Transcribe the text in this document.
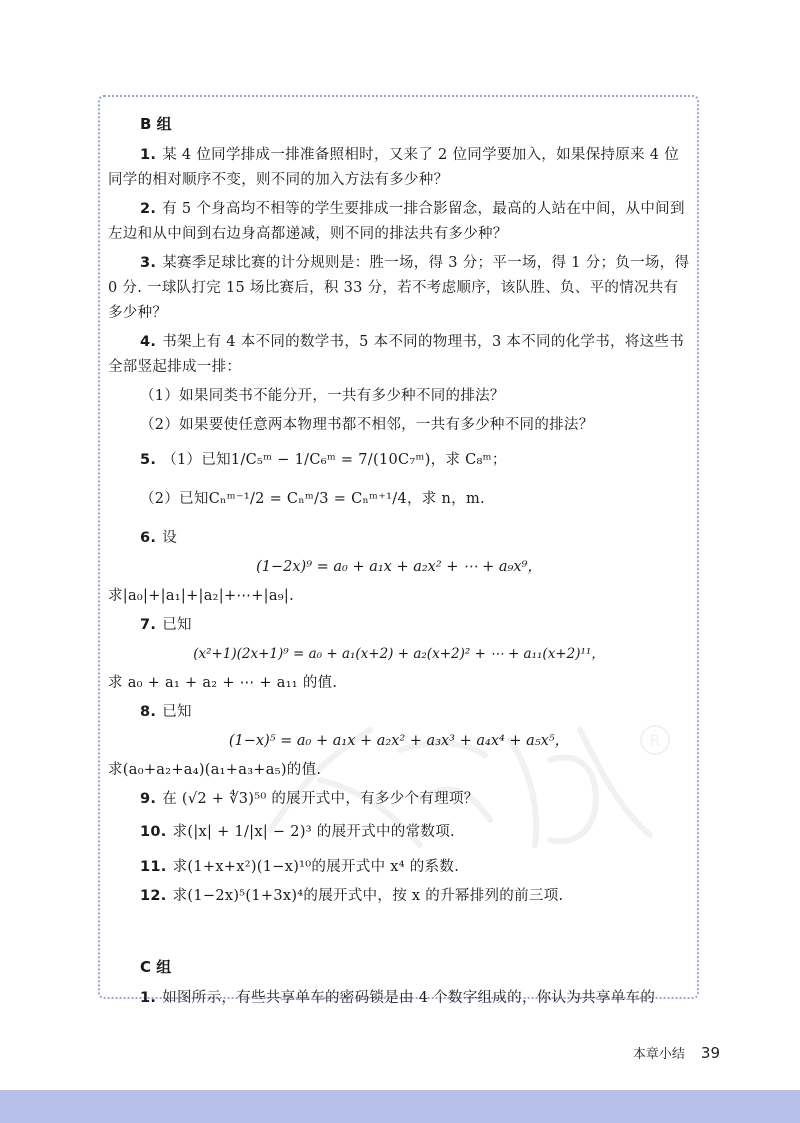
R
B 组

1. 某 4 位同学排成一排准备照相时，又来了 2 位同学要加入，如果保持原来 4 位同学的相对顺序不变，则不同的加入方法有多少种？

2. 有 5 个身高均不相等的学生要排成一排合影留念，最高的人站在中间，从中间到左边和从中间到右边身高都递减，则不同的排法共有多少种？

3. 某赛季足球比赛的计分规则是：胜一场，得 3 分；平一场，得 1 分；负一场，得 0 分. 一球队打完 15 场比赛后，积 33 分，若不考虑顺序，该队胜、负、平的情况共有多少种？

4. 书架上有 4 本不同的数学书，5 本不同的物理书，3 本不同的化学书，将这些书全部竖起排成一排：

（1）如果同类书不能分开，一共有多少种不同的排法？

（2）如果要使任意两本物理书都不相邻，一共有多少种不同的排法？

5. （1）已知1/C₅ᵐ − 1/C₆ᵐ = 7/(10C₇ᵐ)，求 C₈ᵐ；

（2）已知Cₙᵐ⁻¹/2 = Cₙᵐ/3 = Cₙᵐ⁺¹/4，求 n，m.

6. 设

(1−2x)⁹ = a₀ + a₁x + a₂x² + ⋯ + a₉x⁹，

求|a₀|+|a₁|+|a₂|+⋯+|a₉|.

7. 已知

(x²+1)(2x+1)⁹ = a₀ + a₁(x+2) + a₂(x+2)² + ⋯ + a₁₁(x+2)¹¹，

求 a₀ + a₁ + a₂ + ⋯ + a₁₁ 的值.

8. 已知

(1−x)⁵ = a₀ + a₁x + a₂x² + a₃x³ + a₄x⁴ + a₅x⁵，

求(a₀+a₂+a₄)(a₁+a₃+a₅)的值.

9. 在 (√2 + ∜3)⁵⁰ 的展开式中，有多少个有理项？

10. 求(|x| + 1/|x| − 2)³ 的展开式中的常数项.

11. 求(1+x+x²)(1−x)¹⁰的展开式中 x⁴ 的系数.

12. 求(1−2x)⁵(1+3x)⁴的展开式中，按 x 的升幂排列的前三项.

C 组

1. 如图所示，有些共享单车的密码锁是由 4 个数字组成的，你认为共享单车的

本章小结 39
